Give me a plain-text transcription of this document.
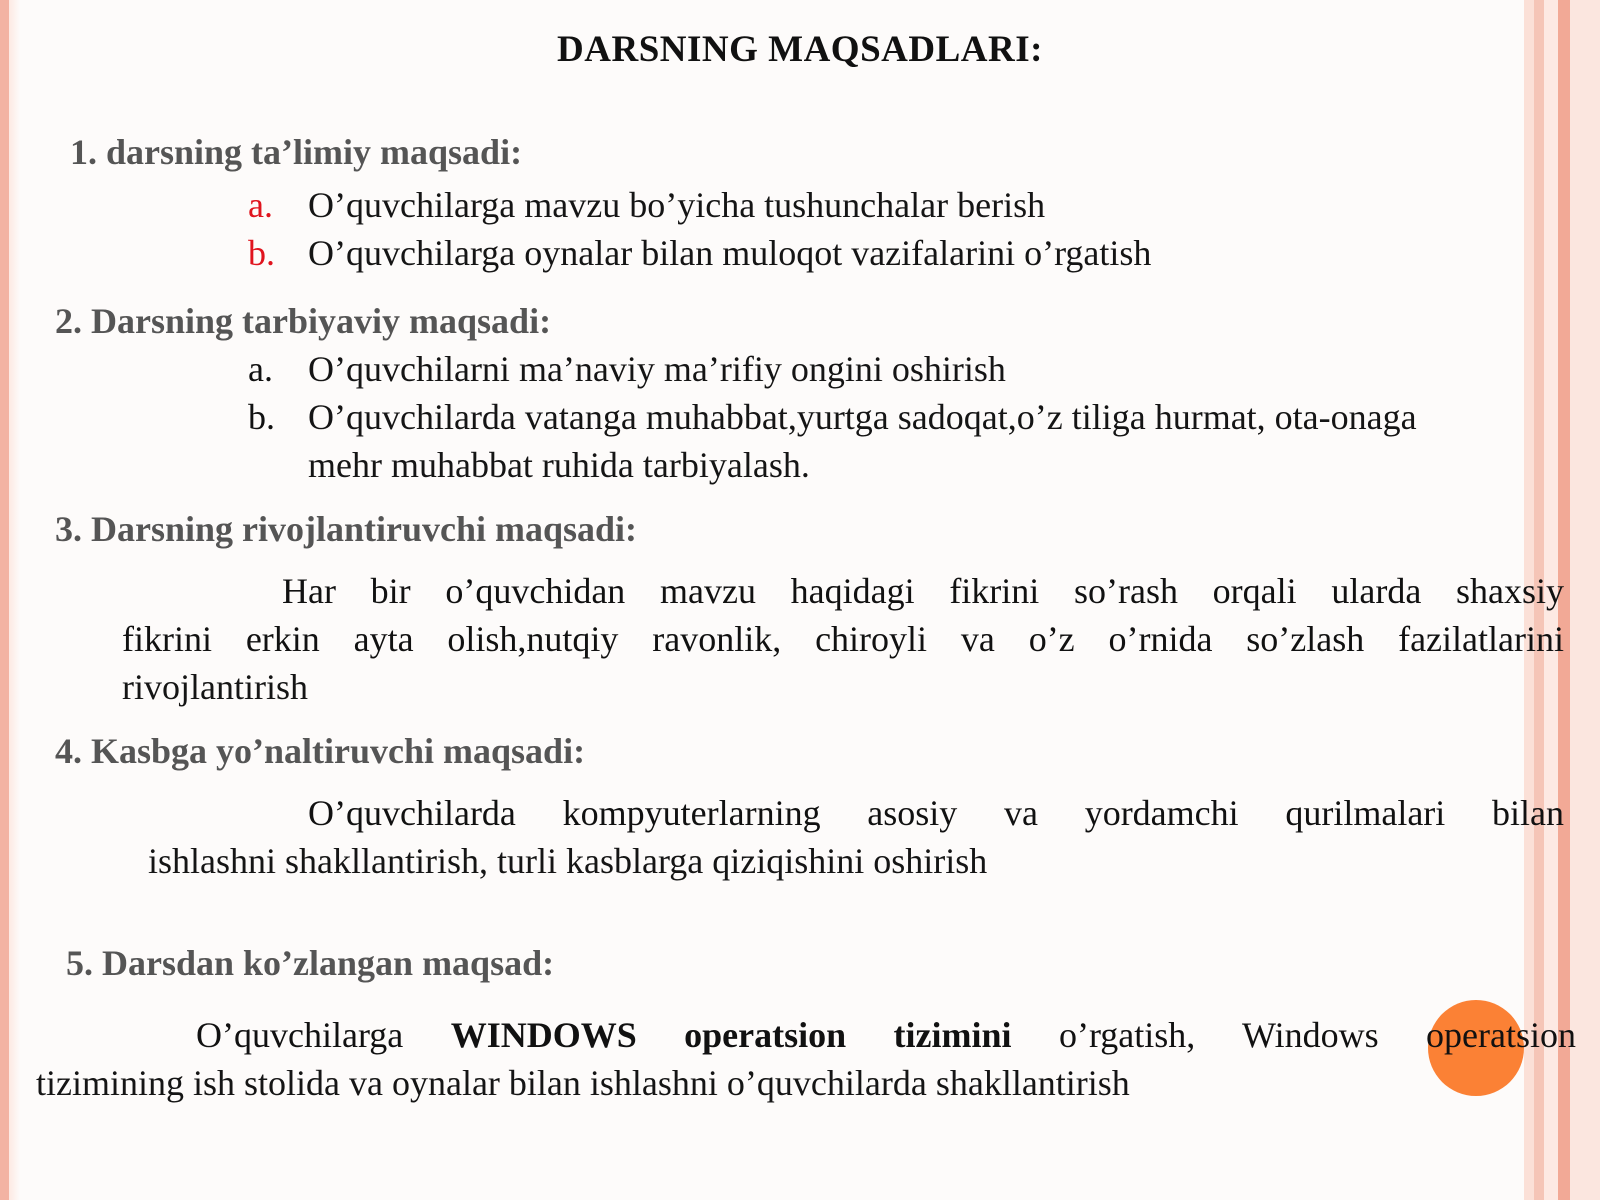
DARSNING MAQSADLARI:
1. darsning ta’limiy maqsadi:
a. O’quvchilarga mavzu bo’yicha tushunchalar berish
b. O’quvchilarga oynalar bilan muloqot vazifalarini o’rgatish
2. Darsning tarbiyaviy maqsadi:
a. O’quvchilarni ma’naviy ma’rifiy ongini oshirish
b. O’quvchilarda vatanga muhabbat,yurtga sadoqat,o’z tiliga hurmat, ota-onaga
mehr muhabbat ruhida tarbiyalash.
3. Darsning rivojlantiruvchi maqsadi:
Har bir o’quvchidan mavzu haqidagi fikrini so’rash orqali ularda shaxsiy
fikrini erkin ayta olish,nutqiy ravonlik, chiroyli va o’z o’rnida so’zlash fazilatlarini
rivojlantirish
4. Kasbga yo’naltiruvchi maqsadi:
O’quvchilarda kompyuterlarning asosiy va yordamchi qurilmalari bilan
ishlashni shakllantirish, turli kasblarga qiziqishini oshirish
5. Darsdan ko’zlangan maqsad:
O’quvchilarga WINDOWS operatsion tizimini o’rgatish, Windows operatsion
tizimining ish stolida va oynalar bilan ishlashni o’quvchilarda shakllantirish
